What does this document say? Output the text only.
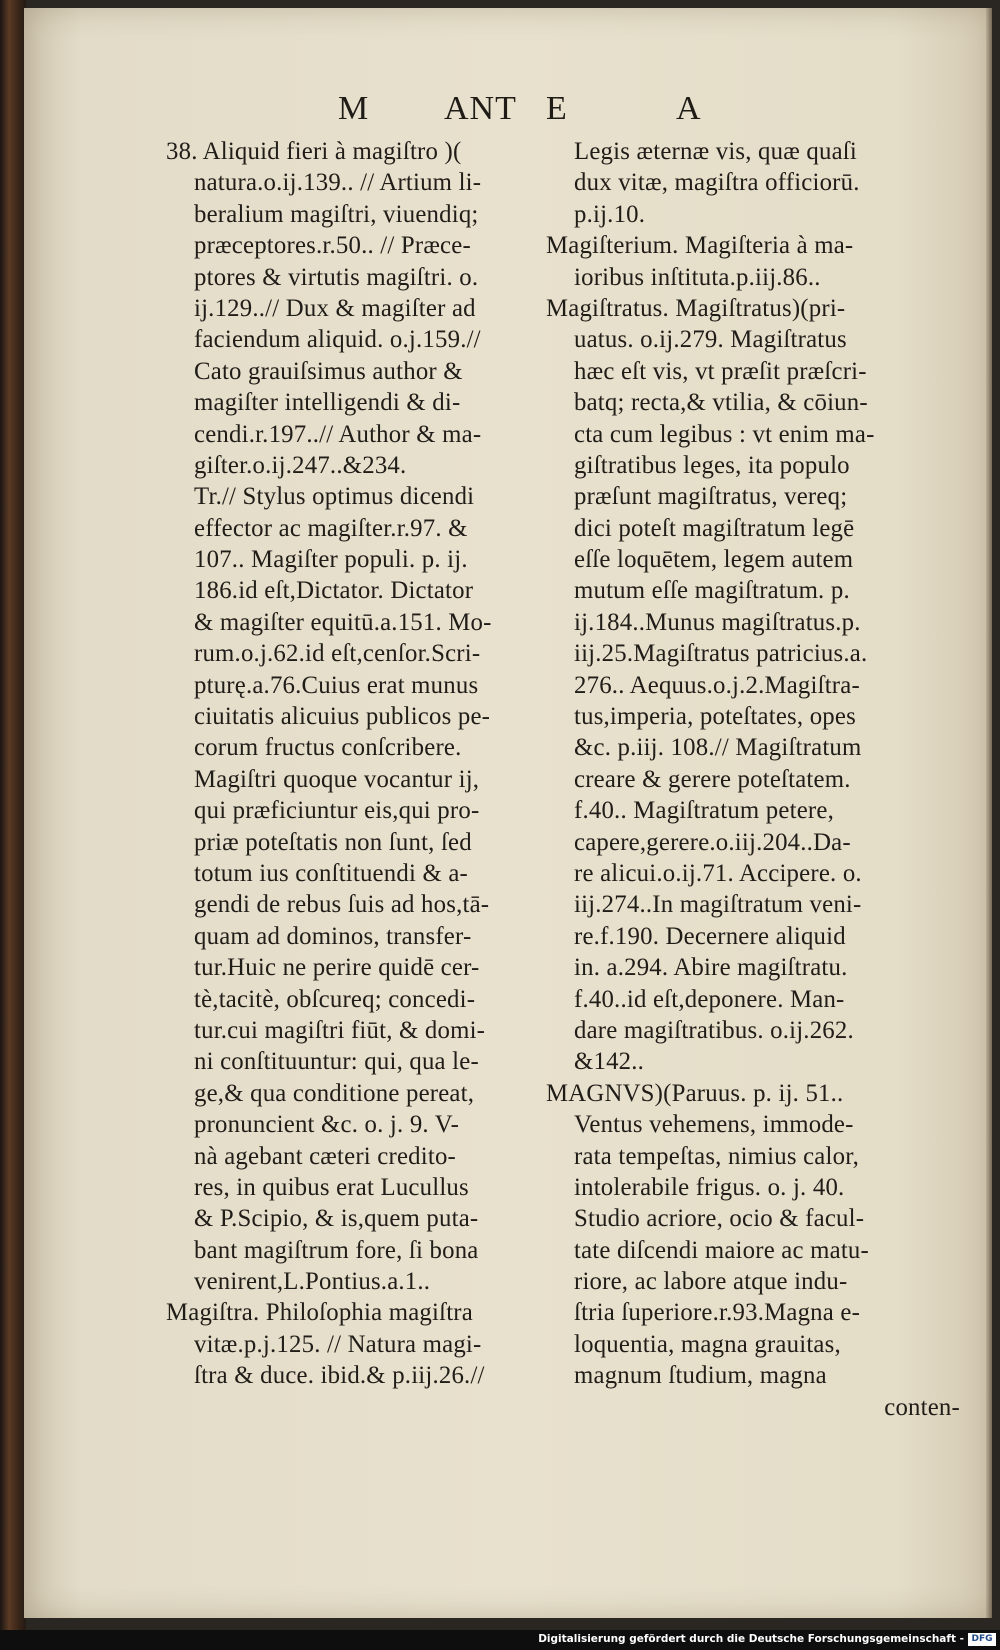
M ANT E	A
38. Aliquid fieri à magiſtro )(
natura.o.ij.139.. // Artium li-
beralium magiſtri, viuendiq;
præceptores.r.50.. // Præce-
ptores & virtutis magiſtri. o.
ij.129..// Dux & magiſter ad
faciendum aliquid. o.j.159.//
Cato grauiſsimus author &
magiſter intelligendi & di-
cendi.r.197..// Author & ma-
giſter.o.ij.247..&234.
Tr.// Stylus optimus dicendi
effector ac magiſter.r.97. &
107.. Magiſter populi. p. ij.
186.id eſt,Dictator. Dictator
& magiſter equitū.a.151. Mo-
rum.o.j.62.id eſt,cenſor.Scri-
pturę.a.76.Cuius erat munus
ciuitatis alicuius publicos pe-
corum fructus conſcribere.
Magiſtri quoque vocantur ij,
qui præficiuntur eis,qui pro-
priæ poteſtatis non ſunt, ſed
totum ius conſtituendi & a-
gendi de rebus ſuis ad hos,tā-
quam ad dominos, transfer-
tur.Huic ne perire quidē cer-
tè,tacitè, obſcureq; concedi-
tur.cui magiſtri fiūt, & domi-
ni conſtituuntur: qui, qua le-
ge,& qua conditione pereat,
pronuncient &c. o. j. 9. V-
nà agebant cæteri credito-
res, in quibus erat Lucullus
& P.Scipio, & is,quem puta-
bant magiſtrum fore, ſi bona
venirent,L.Pontius.a.1..
Magiſtra. Philoſophia magiſtra
vitæ.p.j.125. // Natura magi-
ſtra & duce. ibid.& p.iij.26.//
Legis æternæ vis, quæ quaſi
dux vitæ, magiſtra officiorū.
p.ij.10.
Magiſterium. Magiſteria à ma-
ioribus inſtituta.p.iij.86..
Magiſtratus. Magiſtratus)(pri-
uatus. o.ij.279. Magiſtratus
hæc eſt vis, vt præſit præſcri-
batq; recta,& vtilia, & cōiun-
cta cum legibus : vt enim ma-
giſtratibus leges, ita populo
præſunt magiſtratus, vereq;
dici poteſt magiſtratum legē
eſſe loquētem, legem autem
mutum eſſe magiſtratum. p.
ij.184..Munus magiſtratus.p.
iij.25.Magiſtratus patricius.a.
276.. Aequus.o.j.2.Magiſtra-
tus,imperia, poteſtates, opes
&c. p.iij. 108.// Magiſtratum
creare & gerere poteſtatem.
f.40.. Magiſtratum petere,
capere,gerere.o.iij.204..Da-
re alicui.o.ij.71. Accipere. o.
iij.274..In magiſtratum veni-
re.f.190. Decernere aliquid
in. a.294. Abire magiſtratu.
f.40..id eſt,deponere. Man-
dare magiſtratibus. o.ij.262.
&142..
MAGNVS)(Paruus. p. ij. 51..
Ventus vehemens, immode-
rata tempeſtas, nimius calor,
intolerabile frigus. o. j. 40.
Studio acriore, ocio & facul-
tate diſcendi maiore ac matu-
riore, ac labore atque indu-
ſtria ſuperiore.r.93.Magna e-
loquentia, magna grauitas,
magnum ſtudium, magna
conten-
Digitalisierung gefördert durch die Deutsche Forschungsgemeinschaft - DFG
